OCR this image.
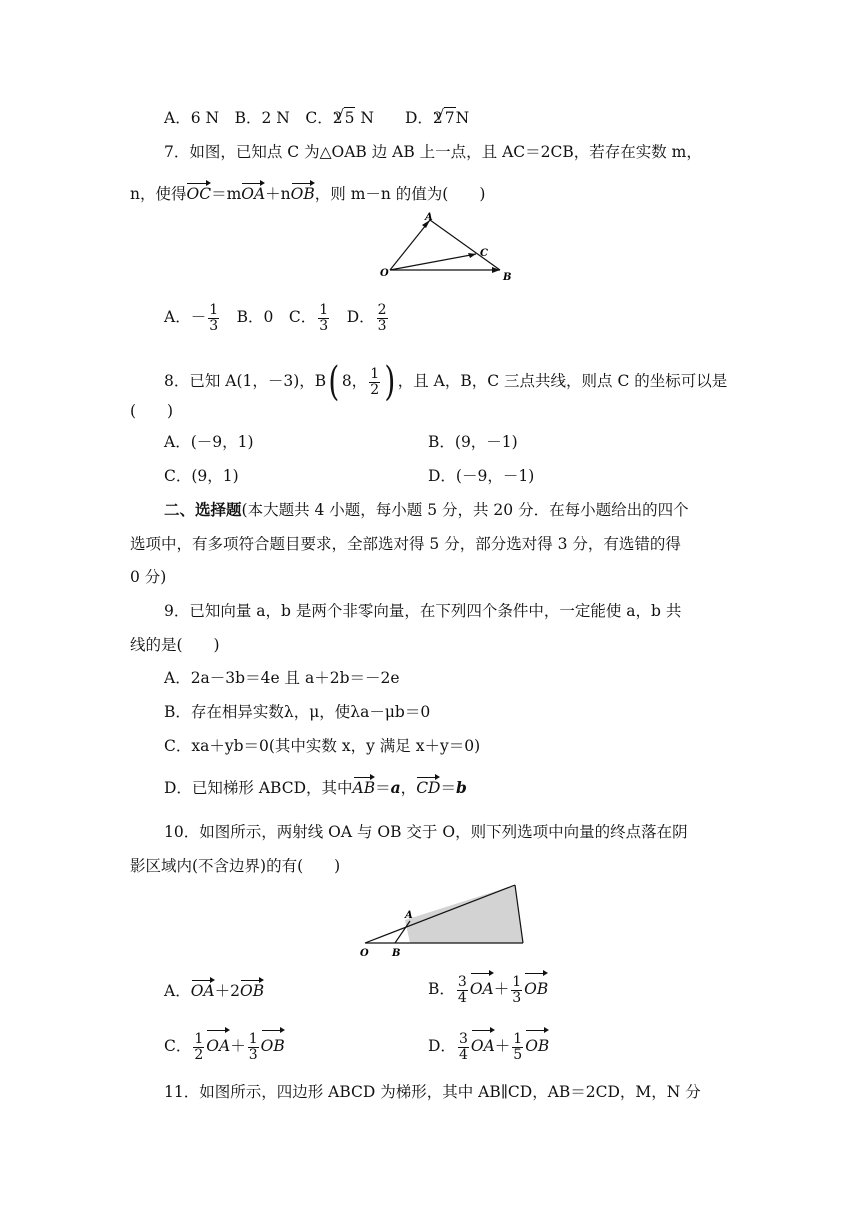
A．6 N　 B．2 N　 C．2 √ 5 N　　 D．2 √ 7N
7．如图，已知点 C 为△OAB 边 AB 上一点，且 AC＝2CB，若存在实数 m，
n，使得OC＝mOA＋nOB，则 m－n 的值为(　　)
A
C
O	B
A．－ $\frac{1}{3}$
　 B．0　 C． $\frac{1}{3}$
　 D． $\frac{2}{3}$
8．已知 A(1，－3)，B( 8， $\frac{1}{2}$ ) ，且 A，B，C 三点共线，则点 C 的坐标可以是
(　　)
A．(－9，1)	B．(9，－1)
C．(9，1)	D．(－9，－1)
二、选择题(本大题共 4 小题，每小题 5 分，共 20 分．在每小题给出的四个
选项中，有多项符合题目要求，全部选对得 5 分，部分选对得 3 分，有选错的得
0 分)
9．已知向量 a，b 是两个非零向量，在下列四个条件中，一定能使 a，b 共
线的是(　　)
A．2a－3b＝4e 且 a＋2b＝－2e
B．存在相异实数λ，μ，使λa－μb＝0
C．xa＋yb＝0(其中实数 x，y 满足 x＋y＝0)
D．已知梯形 ABCD，其中AB＝a，CD＝b
10．如图所示，两射线 OA 与 OB 交于 O，则下列选项中向量的终点落在阴
影区域内(不含边界)的有(　　)
A
O B
A．OA＋2OB	B． $\frac{3}{4} OA+ \frac{1}{3}$ OB
C． $\frac{1}{2} OA+ \frac{1}{3}$ OB	D． $\frac{3}{4} OA+ \frac{1}{5}$ OB
11．如图所示，四边形 ABCD 为梯形，其中 AB∥CD，AB＝2CD，M，N 分
